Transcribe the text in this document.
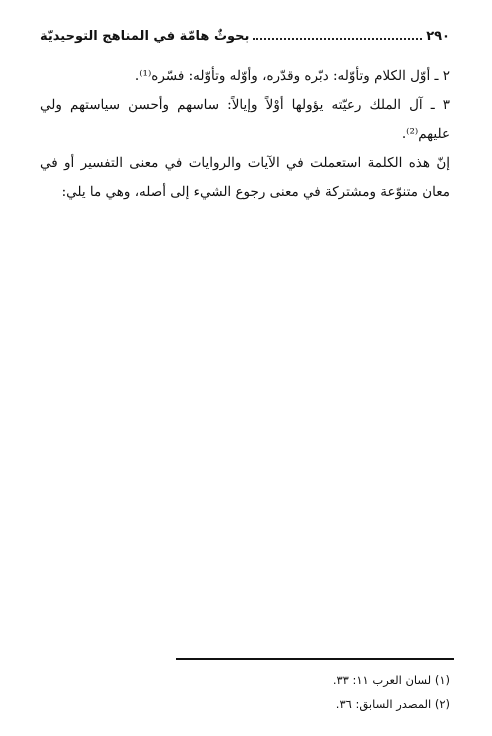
٢٩٠
بحوثٌ هامّة في المناهج التوحيديّة

٢ ـ أوّل الكلام وتأوّله: دبّره وقدّره، وأوّله وتأوّله: فسّره⁽¹⁾.

٣ ـ آل الملك رعيّته يؤولها أوْلاً وإيالاً: ساسهم وأحسن سياستهم ولي عليهم⁽²⁾.

إنّ هذه الكلمة استعملت في الآيات والروايات في معنى التفسير أو في معان متنوّعة ومشتركة في معنى رجوع الشيء إلى أصله، وهي ما يلي:

(١) لسان العرب ١١: ٣٣.

(٢) المصدر السابق: ٣٦.
